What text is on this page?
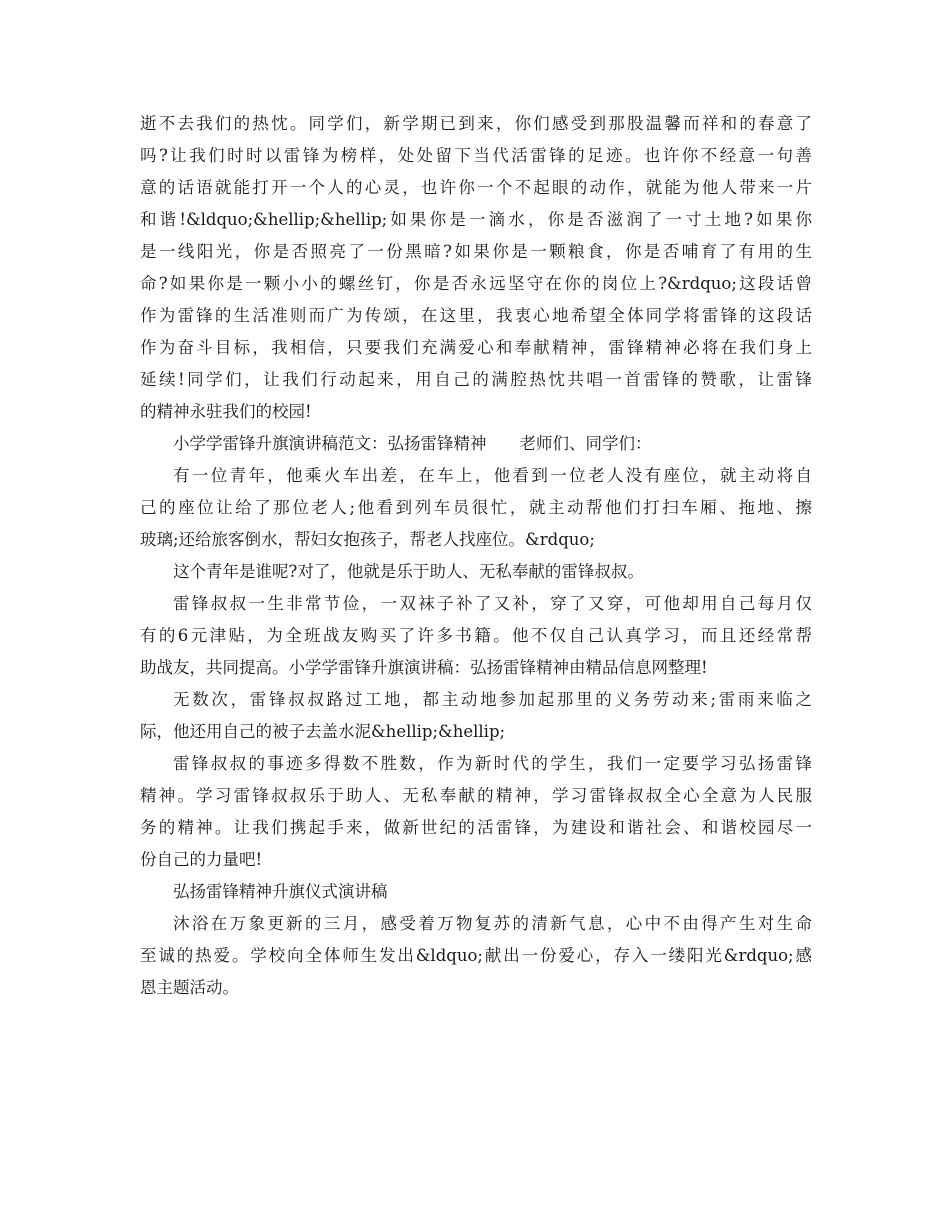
逝不去我们的热忱。同学们，新学期已到来，你们感受到那股温馨而祥和的春意了
吗?让我们时时以雷锋为榜样，处处留下当代活雷锋的足迹。也许你不经意一句善
意的话语就能打开一个人的心灵，也许你一个不起眼的动作，就能为他人带来一片
和谐!&ldquo;&hellip;&hellip;如果你是一滴水，你是否滋润了一寸土地?如果你
是一线阳光，你是否照亮了一份黑暗?如果你是一颗粮食，你是否哺育了有用的生
命?如果你是一颗小小的螺丝钉，你是否永远坚守在你的岗位上?&rdquo;这段话曾
作为雷锋的生活准则而广为传颂，在这里，我衷心地希望全体同学将雷锋的这段话
作为奋斗目标，我相信，只要我们充满爱心和奉献精神，雷锋精神必将在我们身上
延续!同学们，让我们行动起来，用自己的满腔热忱共唱一首雷锋的赞歌，让雷锋
的精神永驻我们的校园!
小学学雷锋升旗演讲稿范文：弘扬雷锋精神　　老师们、同学们：
有一位青年，他乘火车出差，在车上，他看到一位老人没有座位，就主动将自
己的座位让给了那位老人;他看到列车员很忙，就主动帮他们打扫车厢、拖地、擦
玻璃;还给旅客倒水，帮妇女抱孩子，帮老人找座位。&rdquo;
这个青年是谁呢?对了，他就是乐于助人、无私奉献的雷锋叔叔。
雷锋叔叔一生非常节俭，一双袜子补了又补，穿了又穿，可他却用自己每月仅
有的6元津贴，为全班战友购买了许多书籍。他不仅自己认真学习，而且还经常帮
助战友，共同提高。小学学雷锋升旗演讲稿：弘扬雷锋精神由精品信息网整理!
无数次，雷锋叔叔路过工地，都主动地参加起那里的义务劳动来;雷雨来临之
际，他还用自己的被子去盖水泥&hellip;&hellip;
雷锋叔叔的事迹多得数不胜数，作为新时代的学生，我们一定要学习弘扬雷锋
精神。学习雷锋叔叔乐于助人、无私奉献的精神，学习雷锋叔叔全心全意为人民服
务的精神。让我们携起手来，做新世纪的活雷锋，为建设和谐社会、和谐校园尽一
份自己的力量吧!
弘扬雷锋精神升旗仪式演讲稿
沐浴在万象更新的三月，感受着万物复苏的清新气息，心中不由得产生对生命
至诚的热爱。学校向全体师生发出&ldquo;献出一份爱心，存入一缕阳光&rdquo;感
恩主题活动。
